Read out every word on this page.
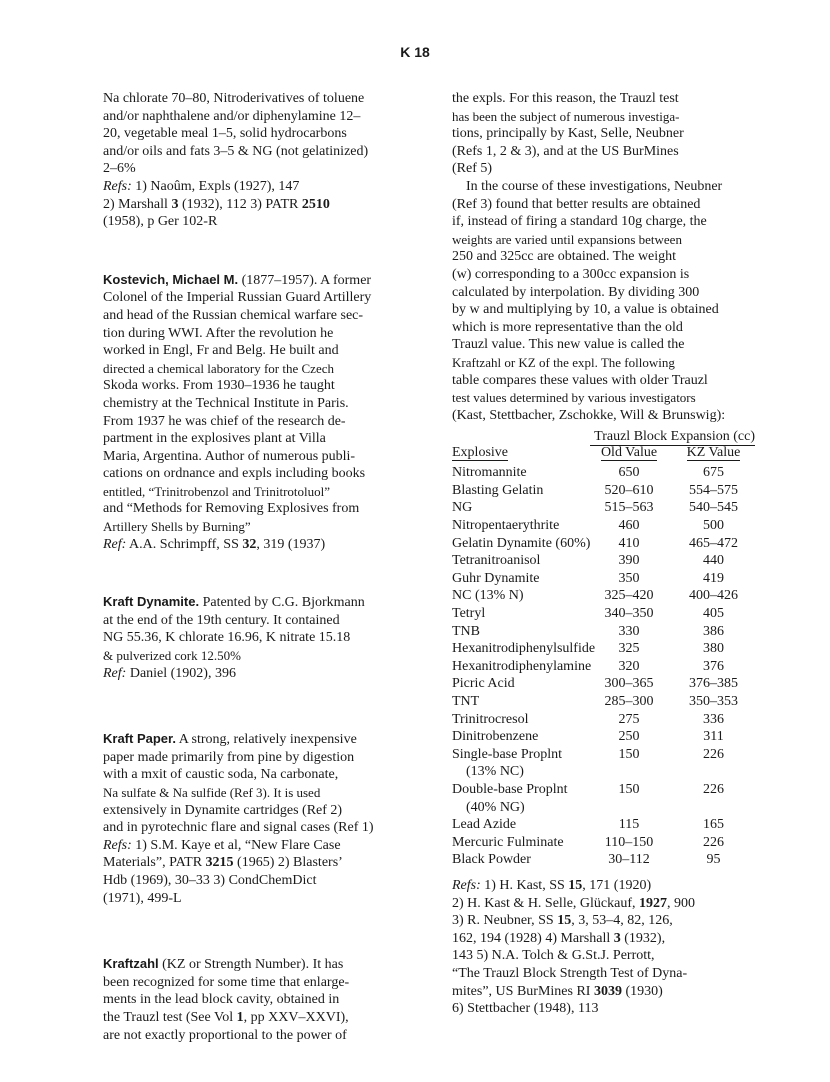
K 18

Na chlorate 70–80, Nitroderivatives of toluene

and/or naphthalene and/or diphenylamine 12–

20, vegetable meal 1–5, solid hydrocarbons

and/or oils and fats 3–5 & NG (not gelatinized)

2–6%

Refs: 1) Naoûm, Expls (1927), 147

2) Marshall 3 (1932), 112 3) PATR 2510

(1958), p Ger 102-R

Kostevich, Michael M. (1877–1957). A former

Colonel of the Imperial Russian Guard Artillery

and head of the Russian chemical warfare sec-

tion during WWI. After the revolution he

worked in Engl, Fr and Belg. He built and

directed a chemical laboratory for the Czech

Skoda works. From 1930–1936 he taught

chemistry at the Technical Institute in Paris.

From 1937 he was chief of the research de-

partment in the explosives plant at Villa

Maria, Argentina. Author of numerous publi-

cations on ordnance and expls including books

entitled, “Trinitrobenzol and Trinitrotoluol”

and “Methods for Removing Explosives from

Artillery Shells by Burning”

Ref: A.A. Schrimpff, SS 32, 319 (1937)

Kraft Dynamite. Patented by C.G. Bjorkmann

at the end of the 19th century. It contained

NG 55.36, K chlorate 16.96, K nitrate 15.18

& pulverized cork 12.50%

Ref: Daniel (1902), 396

Kraft Paper. A strong, relatively inexpensive

paper made primarily from pine by digestion

with a mxit of caustic soda, Na carbonate,

Na sulfate & Na sulfide (Ref 3). It is used

extensively in Dynamite cartridges (Ref 2)

and in pyrotechnic flare and signal cases (Ref 1)

Refs: 1) S.M. Kaye et al, “New Flare Case

Materials”, PATR 3215 (1965) 2) Blasters’

Hdb (1969), 30–33 3) CondChemDict

(1971), 499-L

Kraftzahl (KZ or Strength Number). It has

been recognized for some time that enlarge-

ments in the lead block cavity, obtained in

the Trauzl test (See Vol 1, pp XXV–XXVI),

are not exactly proportional to the power of

the expls. For this reason, the Trauzl test

has been the subject of numerous investiga-

tions, principally by Kast, Selle, Neubner

(Refs 1, 2 & 3), and at the US BurMines

(Ref 5)

In the course of these investigations, Neubner

(Ref 3) found that better results are obtained

if, instead of firing a standard 10g charge, the

weights are varied until expansions between

250 and 325cc are obtained. The weight

(w) corresponding to a 300cc expansion is

calculated by interpolation. By dividing 300

by w and multiplying by 10, a value is obtained

which is more representative than the old

Trauzl value. This new value is called the

Kraftzahl or KZ of the expl. The following

table compares these values with older Trauzl

test values determined by various investigators

(Kast, Stettbacher, Zschokke, Will & Brunswig):

Trauzl Block Expansion (cc)
Explosive	Old Value	KZ Value
Nitromannite	650	675
Blasting Gelatin	520–610	554–575
NG	515–563	540–545
Nitropentaerythrite	460	500
Gelatin Dynamite (60%)	410	465–472
Tetranitroanisol	390	440
Guhr Dynamite	350	419
NC (13% N)	325–420	400–426
Tetryl	340–350	405
TNB	330	386
Hexanitrodiphenylsulfide	325	380
Hexanitrodiphenylamine	320	376
Picric Acid	300–365	376–385
TNT	285–300	350–353
Trinitrocresol	275	336
Dinitrobenzene	250	311
Single-base Proplnt	150	226
(13% NC)
Double-base Proplnt	150	226
(40% NG)
Lead Azide	115	165
Mercuric Fulminate	110–150	226
Black Powder	30–112	95

Refs: 1) H. Kast, SS 15, 171 (1920)

2) H. Kast & H. Selle, Glückauf, 1927, 900

3) R. Neubner, SS 15, 3, 53–4, 82, 126,

162, 194 (1928) 4) Marshall 3 (1932),

143 5) N.A. Tolch & G.St.J. Perrott,

“The Trauzl Block Strength Test of Dyna-

mites”, US BurMines RI 3039 (1930)

6) Stettbacher (1948), 113
